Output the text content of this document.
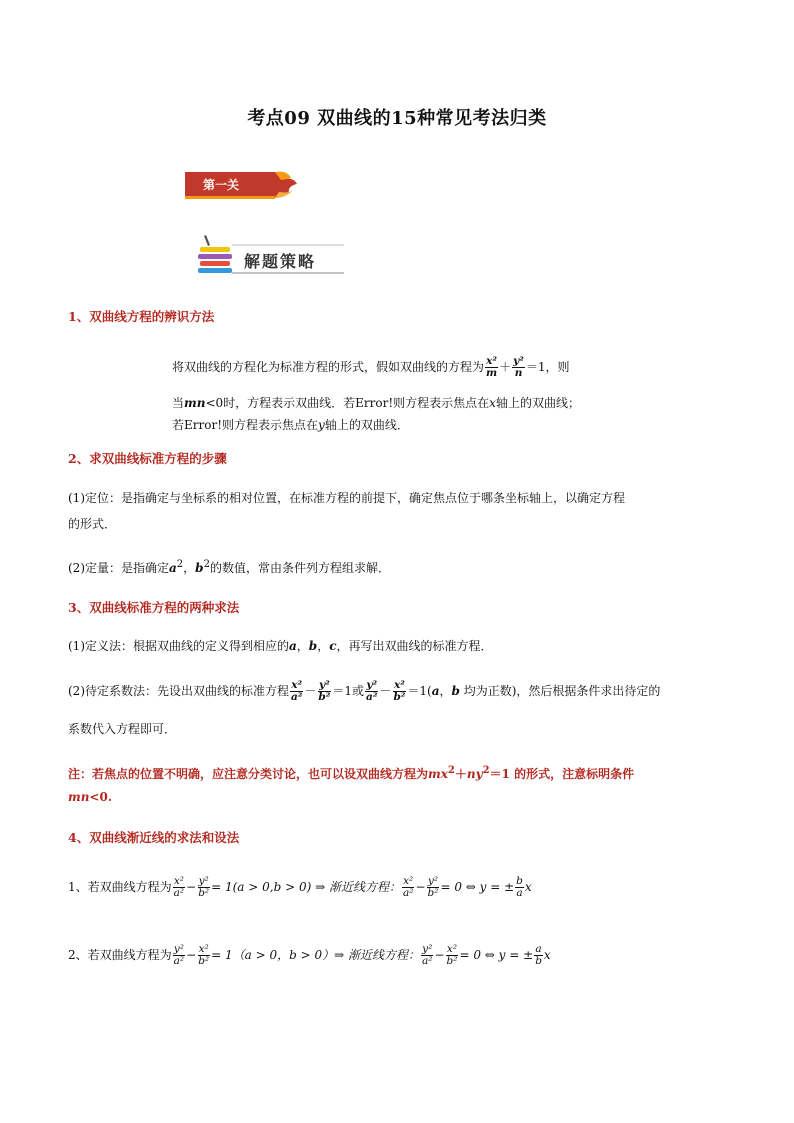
考点09 双曲线的15种常见考法归类
第一关
解题策略
1、双曲线方程的辨识方法
将双曲线的方程化为标准方程的形式，假如双曲线的方程为 $\frac{\text{x²}}{m} + \frac{\text{y²}}{n} =1$，则
当mn<0时，方程表示双曲线．若Error!则方程表示焦点在x轴上的双曲线；
若Error!则方程表示焦点在y轴上的双曲线．
2、求双曲线标准方程的步骤
(1)定位：是指确定与坐标系的相对位置，在标准方程的前提下，确定焦点位于哪条坐标轴上，以确定方程
的形式．
(2)定量：是指确定$a^2$，$b^2$的数值，常由条件列方程组求解．
3、双曲线标准方程的两种求法
(1)定义法：根据双曲线的定义得到相应的a，b，c，再写出双曲线的标准方程．
(2)待定系数法：先设出双曲线的标准方程 $\frac{\text{x²}}{\text{a²}} - \frac{\text{y²}}{\text{b²}} =1$或 $\frac{\text{y²}}{\text{a²}} - \frac{\text{x²}}{\text{b²}} =1(a$，b 均为正数)，然后根据条件求出待定的
系数代入方程即可．
注：若焦点的位置不明确，应注意分类讨论，也可以设双曲线方程为$mx^2+ny^2=1$ 的形式，注意标明条件
mn<0.
4、双曲线渐近线的求法和设法
1、若双曲线方程为 $\frac{\text{x²}}{\text{a²}} - \frac{\text{y²}}{\text{b²}} = 1(a > 0,b > 0)$ ⇒ 渐近线方程： $\frac{\text{x²}}{\text{a²}} - \frac{\text{y²}}{\text{b²}} = 0$ ⇔ y = ± $\frac{b}{a}$ x
2、若双曲线方程为 $\frac{\text{y²}}{\text{a²}} - \frac{\text{x²}}{\text{b²}} = 1(a > 0$，b > 0）⇒ 渐近线方程： $\frac{\text{y²}}{\text{a²}} - \frac{\text{x²}}{\text{b²}} = 0$ ⇔ y = ± $\frac{a}{b}$ x
